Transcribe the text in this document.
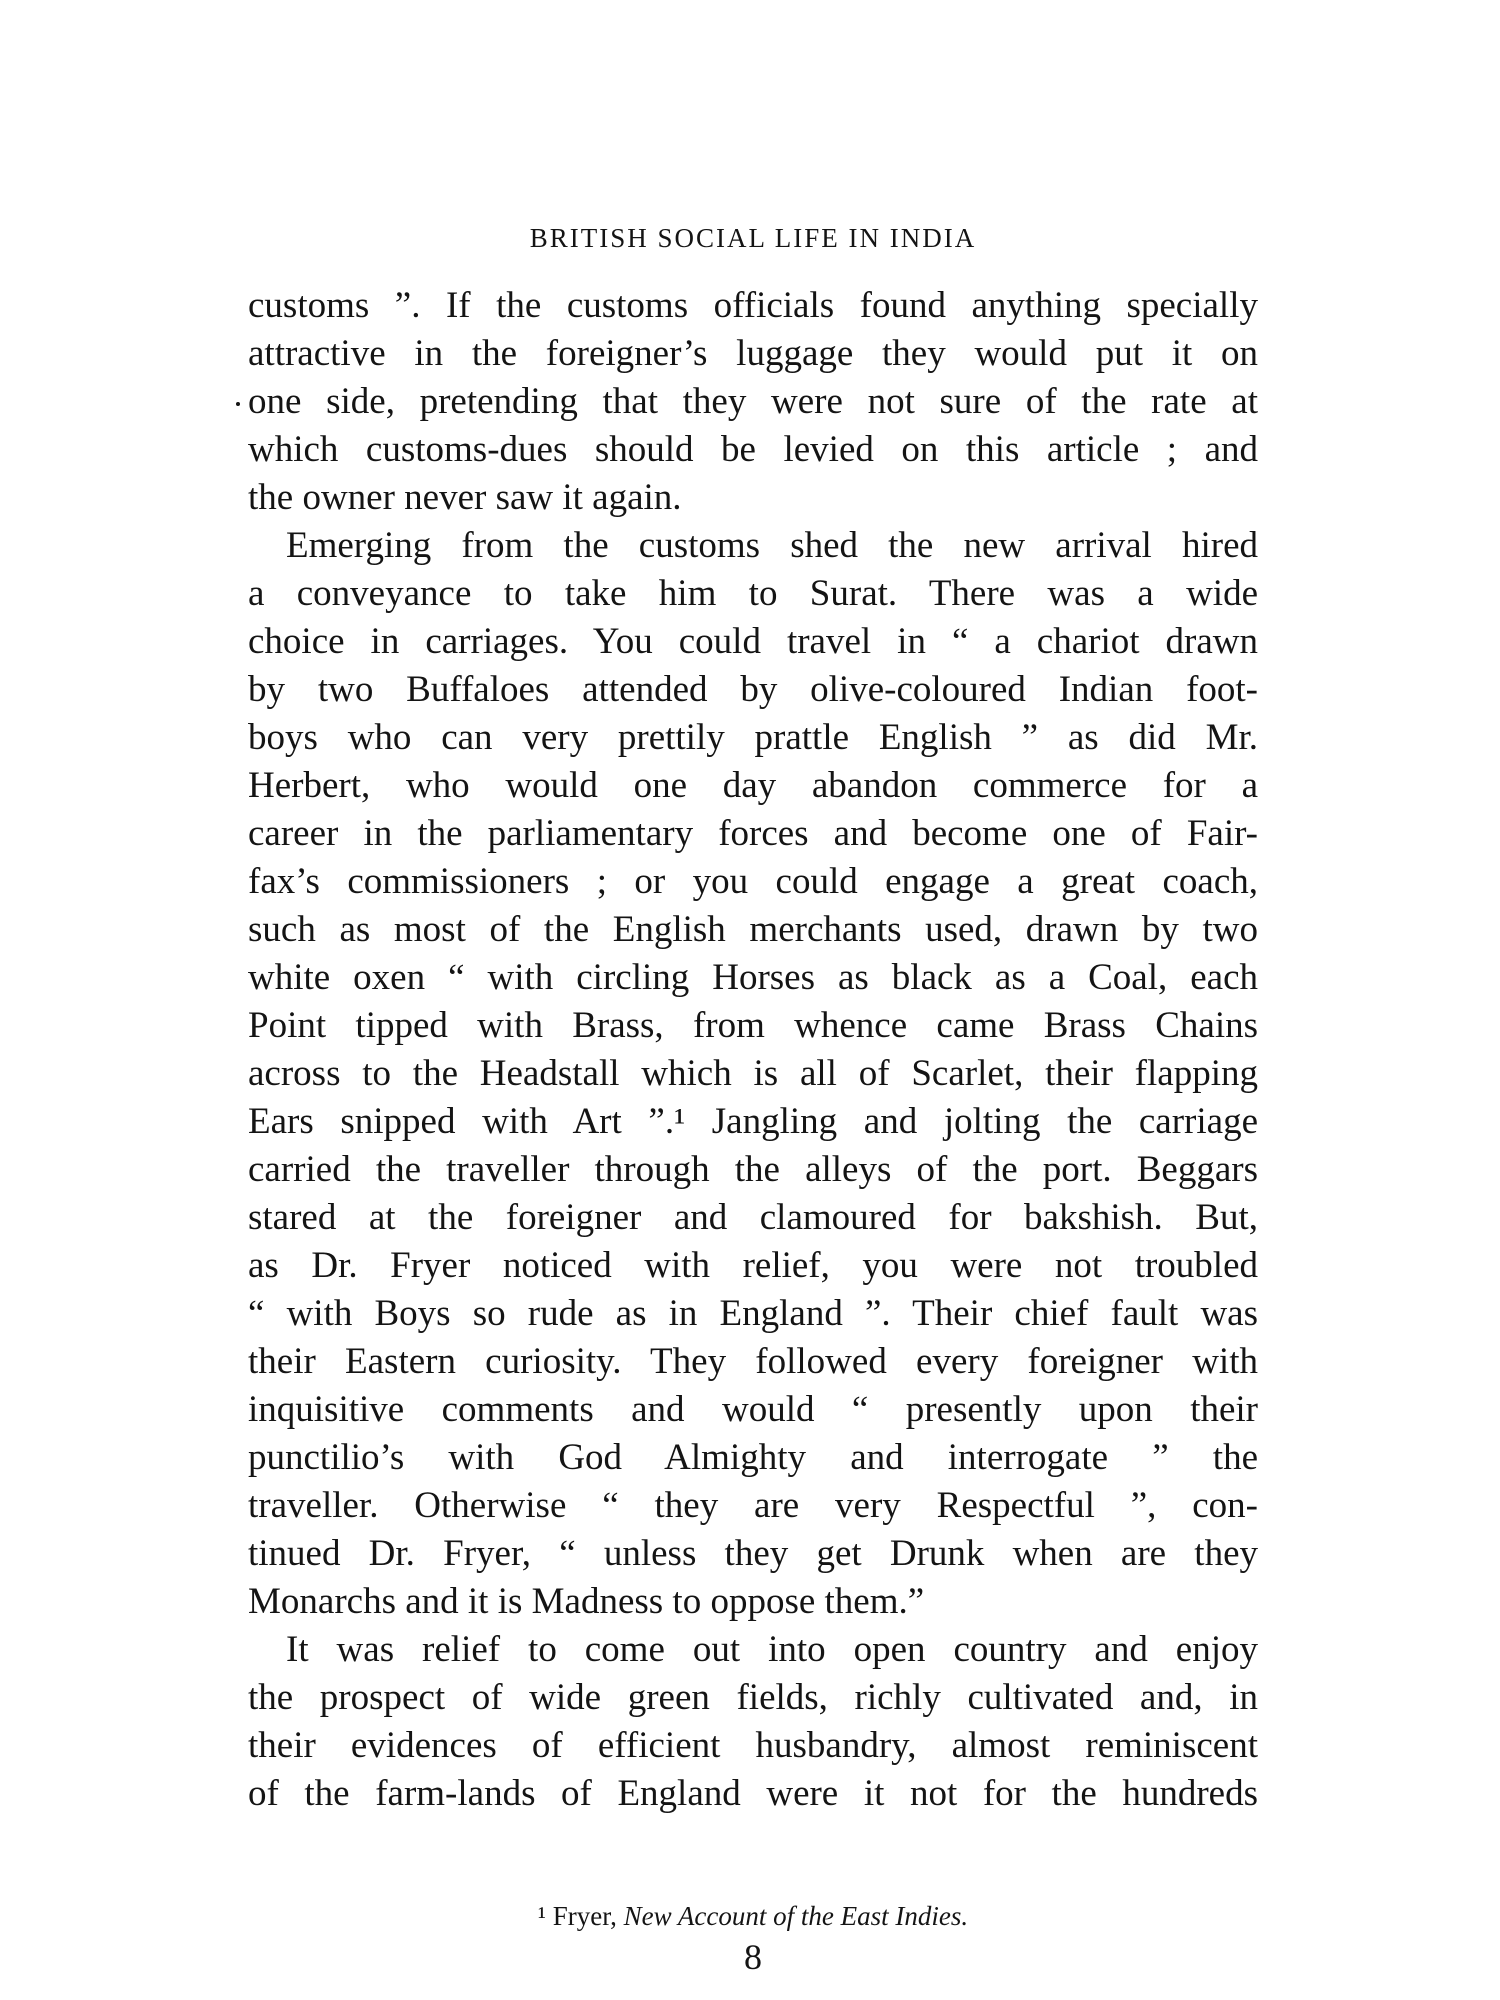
BRITISH SOCIAL LIFE IN INDIA
customs ”. If the customs officials found anything specially
attractive in the foreigner’s luggage they would put it on
one side, pretending that they were not sure of the rate at
which customs-dues should be levied on this article ; and
the owner never saw it again.
Emerging from the customs shed the new arrival hired
a conveyance to take him to Surat. There was a wide
choice in carriages. You could travel in “ a chariot drawn
by two Buffaloes attended by olive-coloured Indian foot-
boys who can very prettily prattle English ” as did Mr.
Herbert, who would one day abandon commerce for a
career in the parliamentary forces and become one of Fair-
fax’s commissioners ; or you could engage a great coach,
such as most of the English merchants used, drawn by two
white oxen “ with circling Horses as black as a Coal, each
Point tipped with Brass, from whence came Brass Chains
across to the Headstall which is all of Scarlet, their flapping
Ears snipped with Art ”.¹ Jangling and jolting the carriage
carried the traveller through the alleys of the port. Beggars
stared at the foreigner and clamoured for bakshish. But,
as Dr. Fryer noticed with relief, you were not troubled
“ with Boys so rude as in England ”. Their chief fault was
their Eastern curiosity. They followed every foreigner with
inquisitive comments and would “ presently upon their
punctilio’s with God Almighty and interrogate ” the
traveller. Otherwise “ they are very Respectful ”, con-
tinued Dr. Fryer, “ unless they get Drunk when are they
Monarchs and it is Madness to oppose them.”
It was relief to come out into open country and enjoy
the prospect of wide green fields, richly cultivated and, in
their evidences of efficient husbandry, almost reminiscent
of the farm-lands of England were it not for the hundreds
¹ Fryer, New Account of the East Indies.
8
